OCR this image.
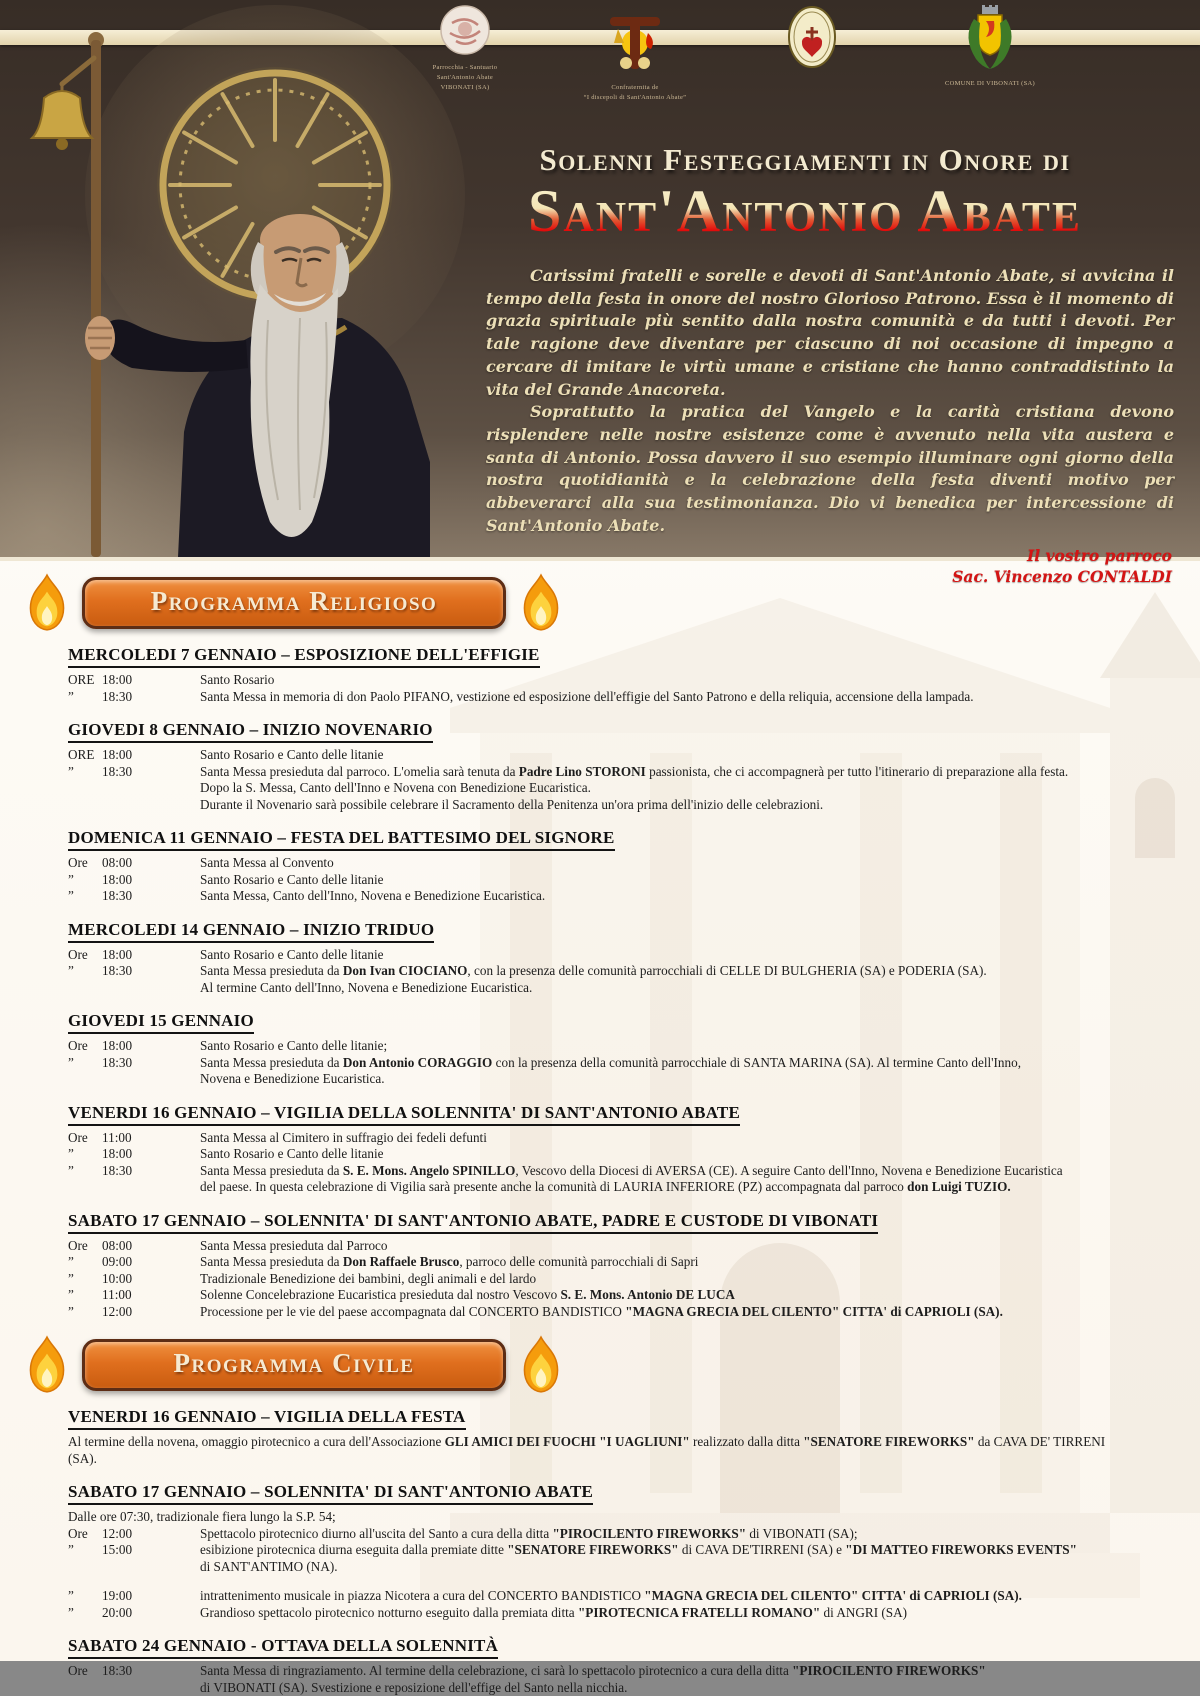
Parrocchia - Santuario
Sant'Antonio Abate
VIBONATI (SA)	Confraternita de
“I discepoli di Sant'Antonio Abate”
COMUNE DI VIBONATI (SA)
Solenni Festeggiamenti in Onore di
Sant'Antonio Abate

Carissimi fratelli e sorelle e devoti di Sant'Antonio Abate, si avvicina il tempo della festa in onore del nostro Glorioso Patrono. Essa è il momento di grazia spirituale più sentito dalla nostra comunità e da tutti i devoti. Per tale ragione deve diventare per ciascuno di noi occasione di impegno a cercare di imitare le virtù umane e cristiane che hanno contraddistinto la vita del Grande Anacoreta.

Soprattutto la pratica del Vangelo e la carità cristiana devono risplendere nelle nostre esistenze come è avvenuto nella vita austera e santa di Antonio. Possa davvero il suo esempio illuminare ogni giorno della nostra quotidianità e la celebrazione della festa diventi motivo per abbeverarci alla sua testimonianza. Dio vi benedica per intercessione di Sant'Antonio Abate.

Il vostro parroco
Sac. Vincenzo CONTALDI
Programma Religioso
MERCOLEDI 7 GENNAIO – ESPOSIZIONE DELL'EFFIGIE

ORE 18:00	Santo Rosario
”	18:30	Santa Messa in memoria di don Paolo PIFANO, vestizione ed esposizione dell'effigie del Santo Patrono e della reliquia, accensione della lampada.
GIOVEDI 8 GENNAIO – INIZIO NOVENARIO

ORE 18:00	Santo Rosario e Canto delle litanie
”	18:30	Santa Messa presieduta dal parroco. L'omelia sarà tenuta da Padre Lino STORONI passionista, che ci accompagnerà per tutto l'itinerario di preparazione alla festa.
Dopo la S. Messa, Canto dell'Inno e Novena con Benedizione Eucaristica.
Durante il Novenario sarà possibile celebrare il Sacramento della Penitenza un'ora prima dell'inizio delle celebrazioni.
DOMENICA 11 GENNAIO – FESTA DEL BATTESIMO DEL SIGNORE

Ore	08:00	Santa Messa al Convento
”	18:00	Santo Rosario e Canto delle litanie
”	18:30	Santa Messa, Canto dell'Inno, Novena e Benedizione Eucaristica.
MERCOLEDI 14 GENNAIO – INIZIO TRIDUO

Ore	18:00	Santo Rosario e Canto delle litanie
”	18:30	Santa Messa presieduta da Don Ivan CIOCIANO, con la presenza delle comunità parrocchiali di CELLE DI BULGHERIA (SA) e PODERIA (SA).
Al termine Canto dell'Inno, Novena e Benedizione Eucaristica.
GIOVEDI 15 GENNAIO

Ore	18:00	Santo Rosario e Canto delle litanie;
”	18:30	Santa Messa presieduta da Don Antonio CORAGGIO con la presenza della comunità parrocchiale di SANTA MARINA (SA). Al termine Canto dell'Inno,
Novena e Benedizione Eucaristica.
VENERDI 16 GENNAIO – VIGILIA DELLA SOLENNITA' DI SANT'ANTONIO ABATE

Ore	11:00	Santa Messa al Cimitero in suffragio dei fedeli defunti
”	18:00	Santo Rosario e Canto delle litanie
”	18:30	Santa Messa presieduta da S. E. Mons. Angelo SPINILLO, Vescovo della Diocesi di AVERSA (CE). A seguire Canto dell'Inno, Novena e Benedizione Eucaristica
del paese. In questa celebrazione di Vigilia sarà presente anche la comunità di LAURIA INFERIORE (PZ) accompagnata dal parroco don Luigi TUZIO.
SABATO 17 GENNAIO – SOLENNITA' DI SANT'ANTONIO ABATE, PADRE E CUSTODE DI VIBONATI

Ore	08:00	Santa Messa presieduta dal Parroco
”	09:00	Santa Messa presieduta da Don Raffaele Brusco, parroco delle comunità parrocchiali di Sapri
”	10:00	Tradizionale Benedizione dei bambini, degli animali e del lardo
”	11:00	Solenne Concelebrazione Eucaristica presieduta dal nostro Vescovo S. E. Mons. Antonio DE LUCA
”	12:00	Processione per le vie del paese accompagnata dal CONCERTO BANDISTICO "MAGNA GRECIA DEL CILENTO" CITTA' di CAPRIOLI (SA).
Programma Civile
VENERDI 16 GENNAIO – VIGILIA DELLA FESTA

Al termine della novena, omaggio pirotecnico a cura dell'Associazione GLI AMICI DEI FUOCHI "I UAGLIUNI" realizzato dalla ditta "SENATORE FIREWORKS" da CAVA DE' TIRRENI (SA).
SABATO 17 GENNAIO – SOLENNITA' DI SANT'ANTONIO ABATE

Dalle ore 07:30, tradizionale fiera lungo la S.P. 54;
Ore	12:00	Spettacolo pirotecnico diurno all'uscita del Santo a cura della ditta "PIROCILENTO FIREWORKS" di VIBONATI (SA);
”	15:00	esibizione pirotecnica diurna eseguita dalla premiate ditte "SENATORE FIREWORKS" di CAVA DE'TIRRENI (SA) e "DI MATTEO FIREWORKS EVENTS"
di SANT'ANTIMO (NA).
”	19:00	intrattenimento musicale in piazza Nicotera a cura del CONCERTO BANDISTICO "MAGNA GRECIA DEL CILENTO" CITTA' di CAPRIOLI (SA).
”	20:00	Grandioso spettacolo pirotecnico notturno eseguito dalla premiata ditta "PIROTECNICA FRATELLI ROMANO" di ANGRI (SA)
SABATO 24 GENNAIO - OTTAVA DELLA SOLENNITÀ

Ore	18:30	Santa Messa di ringraziamento. Al termine della celebrazione, ci sarà lo spettacolo pirotecnico a cura della ditta "PIROCILENTO FIREWORKS"
di VIBONATI (SA). Svestizione e reposizione dell'effige del Santo nella nicchia.
